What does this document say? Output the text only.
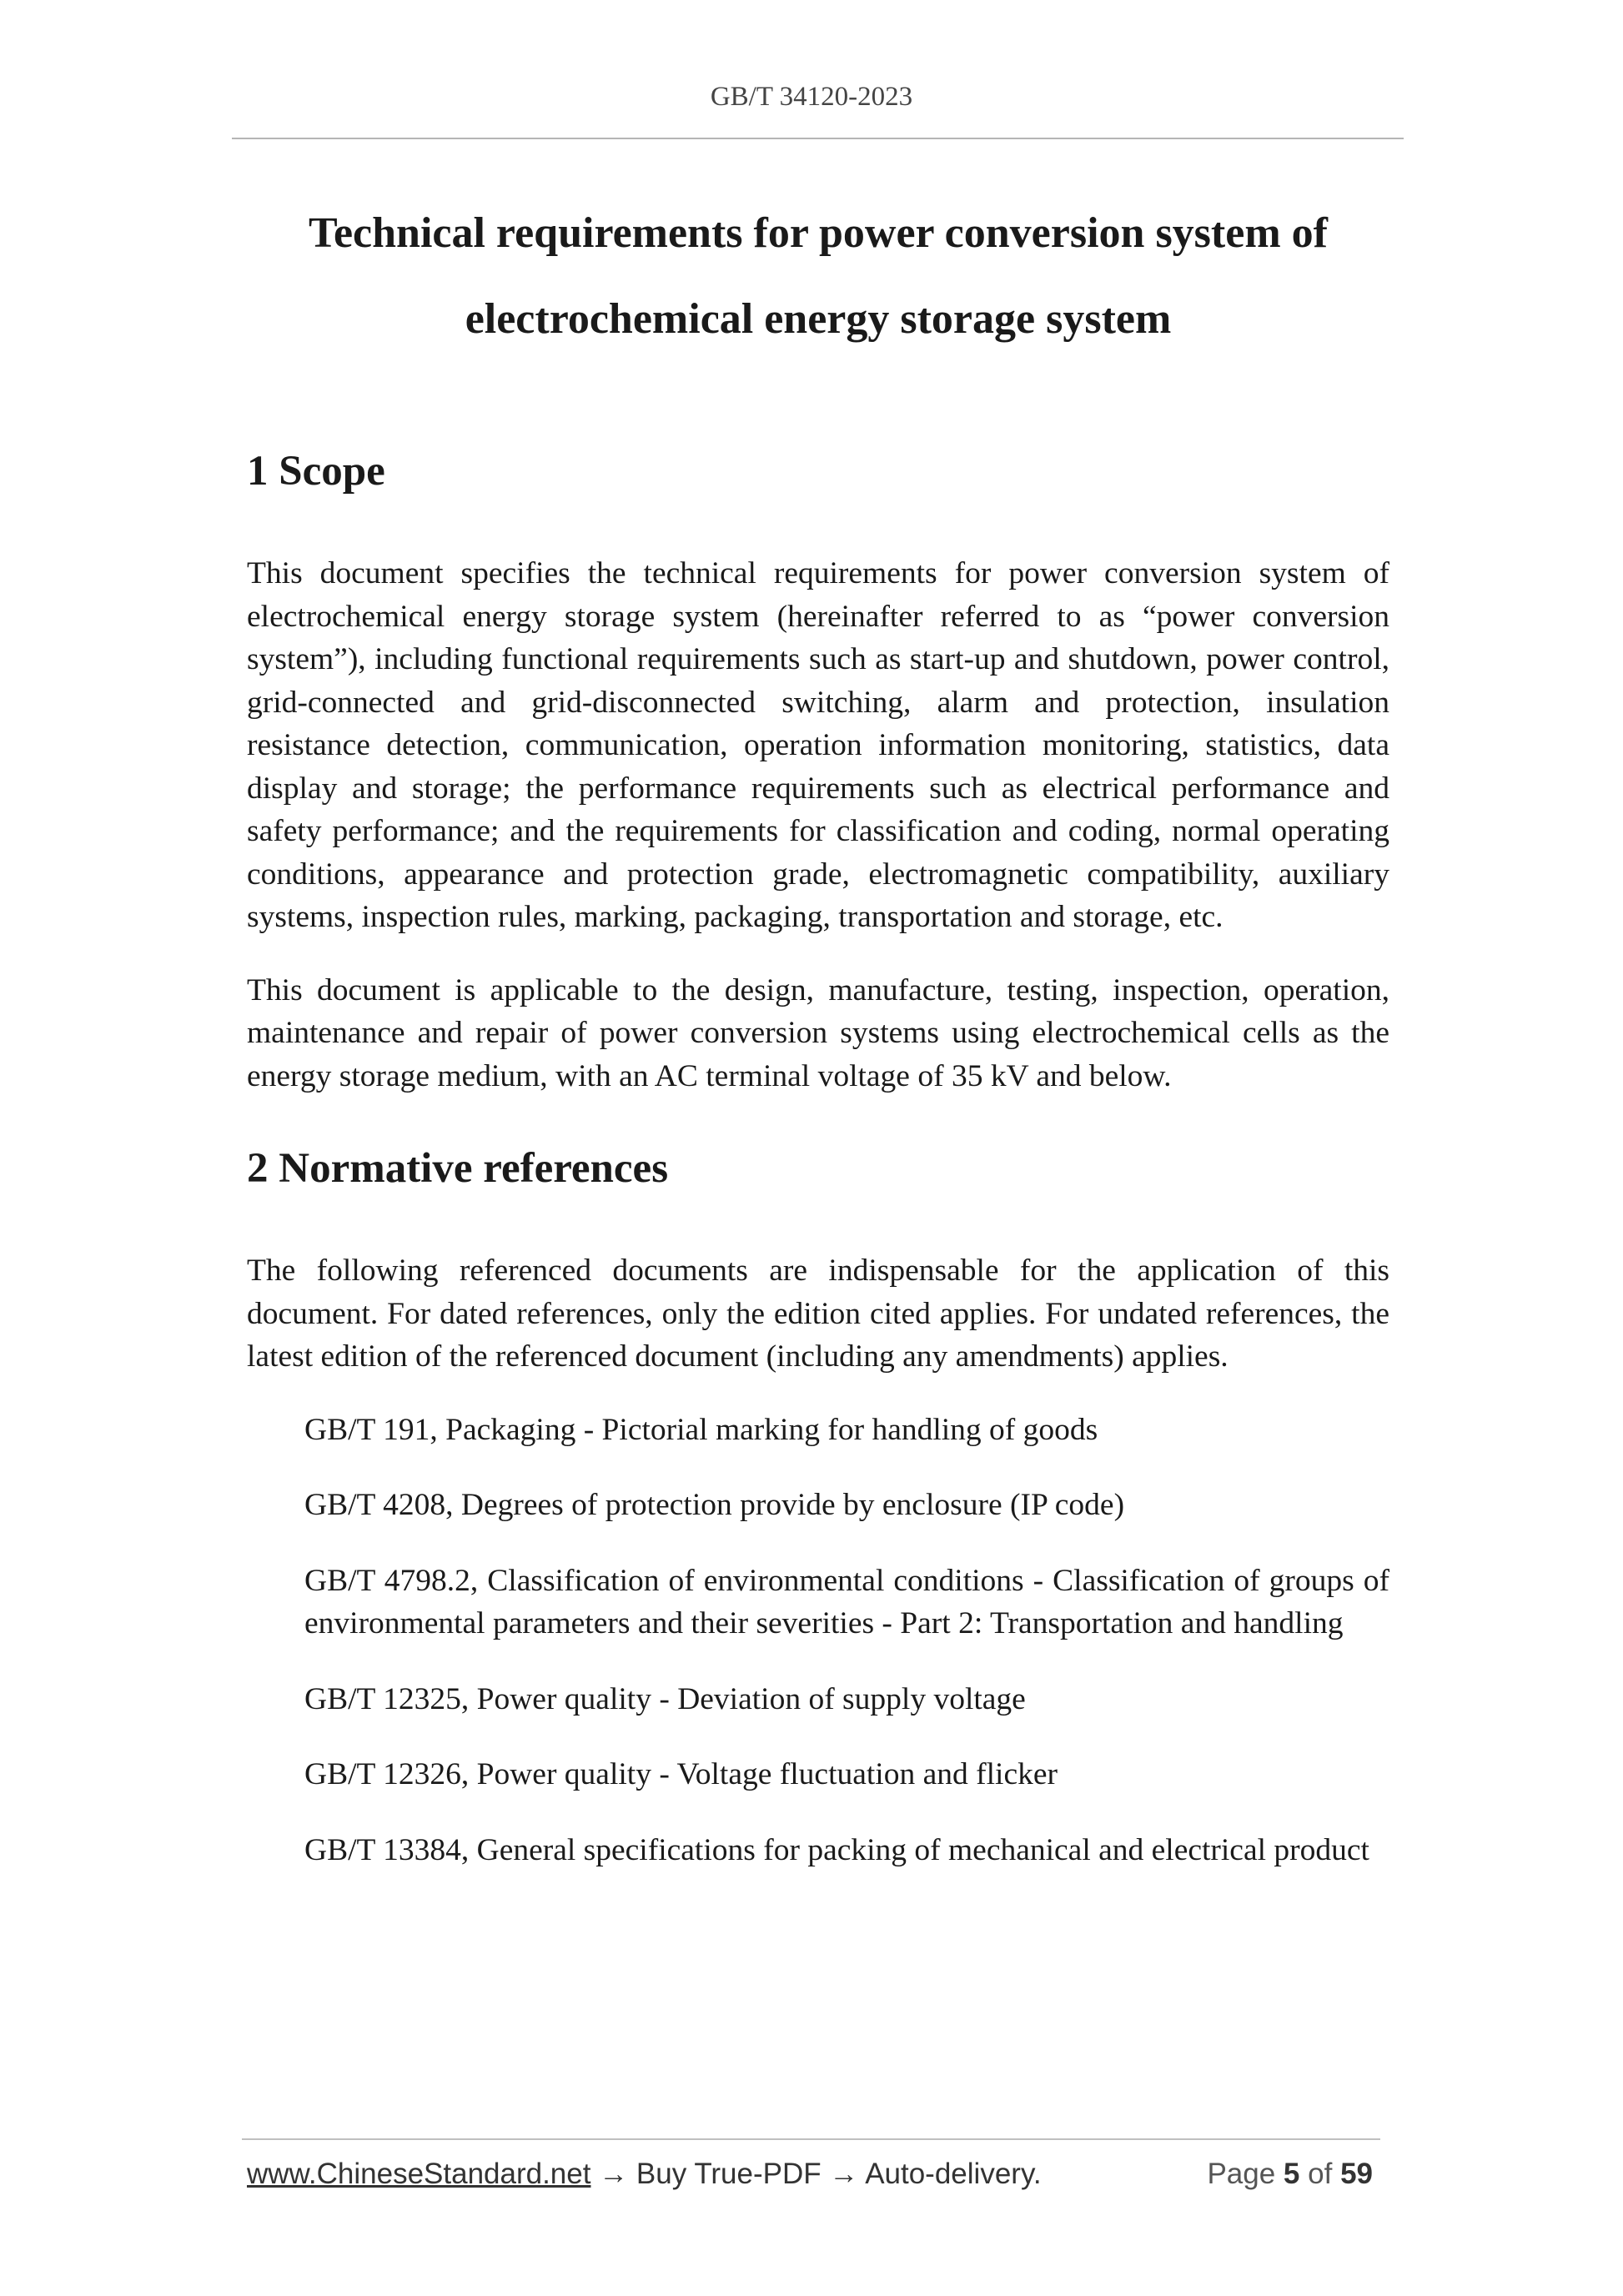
GB/T 34120-2023
Technical requirements for power conversion system of
electrochemical energy storage system
1 Scope

This document specifies the technical requirements for power conversion system of electrochemical energy storage system (hereinafter referred to as “power conversion system”), including functional requirements such as start-up and shutdown, power control, grid-connected and grid-disconnected switching, alarm and protection, insulation resistance detection, communication, operation information monitoring, statistics, data display and storage; the performance requirements such as electrical performance and safety performance; and the requirements for classification and coding, normal operating conditions, appearance and protection grade, electromagnetic compatibility, auxiliary systems, inspection rules, marking, packaging, transportation and storage, etc.

This document is applicable to the design, manufacture, testing, inspection, operation, maintenance and repair of power conversion systems using electrochemical cells as the energy storage medium, with an AC terminal voltage of 35 kV and below.

2 Normative references

The following referenced documents are indispensable for the application of this document. For dated references, only the edition cited applies. For undated references, the latest edition of the referenced document (including any amendments) applies.

GB/T 191, Packaging - Pictorial marking for handling of goods
GB/T 4208, Degrees of protection provide by enclosure (IP code)
GB/T 4798.2, Classification of environmental conditions - Classification of groups of environmental parameters and their severities - Part 2: Transportation and handling
GB/T 12325, Power quality - Deviation of supply voltage
GB/T 12326, Power quality - Voltage fluctuation and flicker
GB/T 13384, General specifications for packing of mechanical and electrical product
www.ChineseStandard.net → Buy True-PDF → Auto-delivery.	Page 5 of 59
